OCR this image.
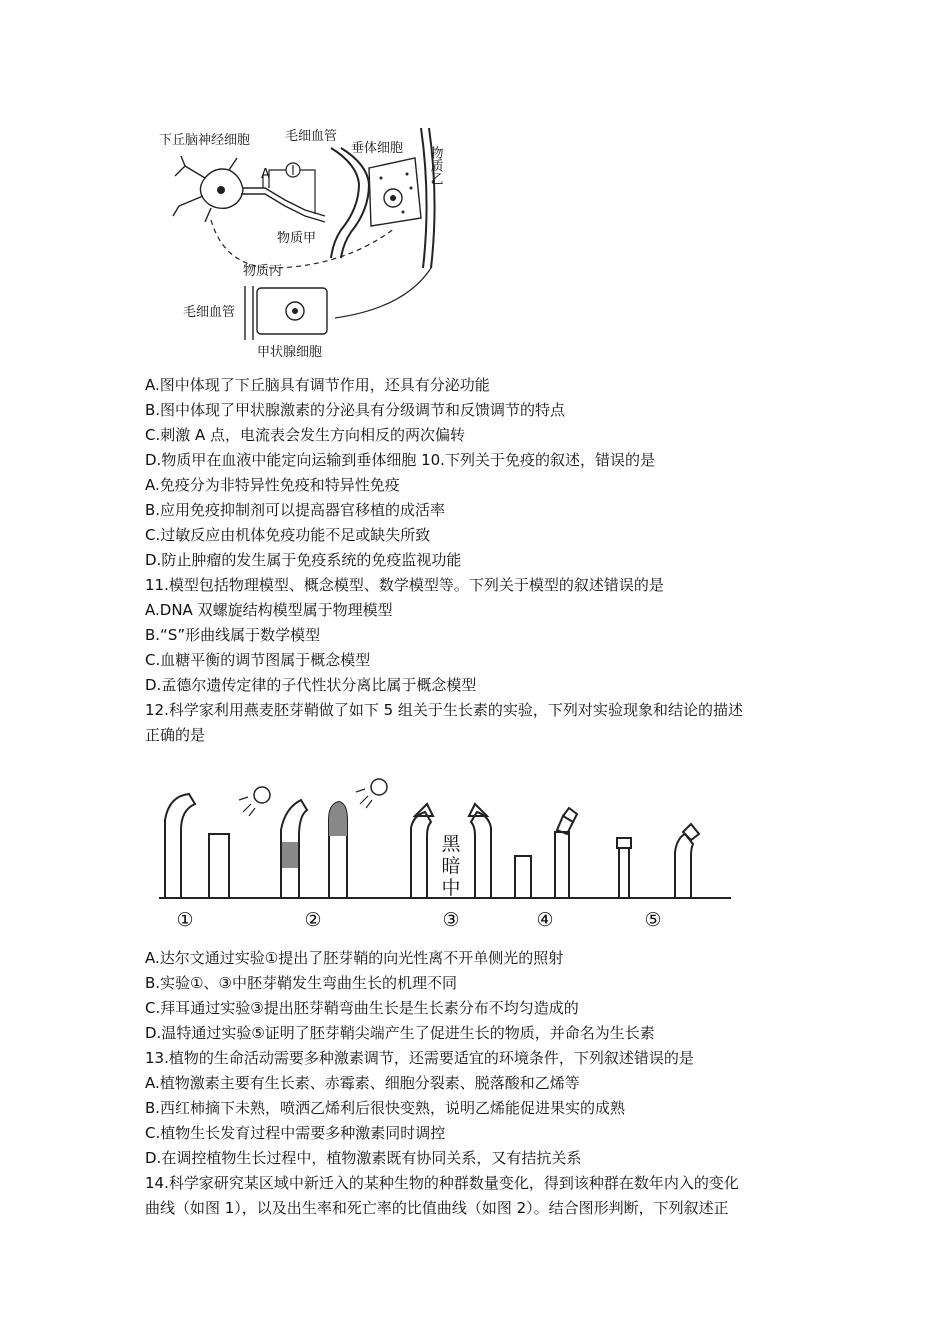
下丘脑神经细胞	毛细血管
垂体细胞 物质乙
A
物质甲
物质丙
毛细血管
甲状腺细胞
A.图中体现了下丘脑具有调节作用，还具有分泌功能
B.图中体现了甲状腺激素的分泌具有分级调节和反馈调节的特点
C.刺激 A 点，电流表会发生方向相反的两次偏转
D.物质甲在血液中能定向运输到垂体细胞 10.下列关于免疫的叙述，错误的是
A.免疫分为非特异性免疫和特异性免疫
B.应用免疫抑制剂可以提高器官移植的成活率
C.过敏反应由机体免疫功能不足或缺失所致
D.防止肿瘤的发生属于免疫系统的免疫监视功能
11.模型包括物理模型、概念模型、数学模型等。下列关于模型的叙述错误的是
A.DNA 双螺旋结构模型属于物理模型
B.“S”形曲线属于数学模型
C.血糖平衡的调节图属于概念模型
D.孟德尔遗传定律的子代性状分离比属于概念模型
12.科学家利用燕麦胚芽鞘做了如下 5 组关于生长素的实验，下列对实验现象和结论的描述
正确的是
黑
暗
中
①	②	③	④	⑤
A.达尔文通过实验①提出了胚芽鞘的向光性离不开单侧光的照射
B.实验①、③中胚芽鞘发生弯曲生长的机理不同
C.拜耳通过实验③提出胚芽鞘弯曲生长是生长素分布不均匀造成的
D.温特通过实验⑤证明了胚芽鞘尖端产生了促进生长的物质，并命名为生长素
13.植物的生命活动需要多种激素调节，还需要适宜的环境条件，下列叙述错误的是
A.植物激素主要有生长素、赤霉素、细胞分裂素、脱落酸和乙烯等
B.西红柿摘下未熟，喷洒乙烯利后很快变熟，说明乙烯能促进果实的成熟
C.植物生长发育过程中需要多种激素同时调控
D.在调控植物生长过程中，植物激素既有协同关系，又有拮抗关系
14.科学家研究某区域中新迁入的某种生物的种群数量变化，得到该种群在数年内入的变化
曲线（如图 1），以及出生率和死亡率的比值曲线（如图 2）。结合图形判断，下列叙述正
